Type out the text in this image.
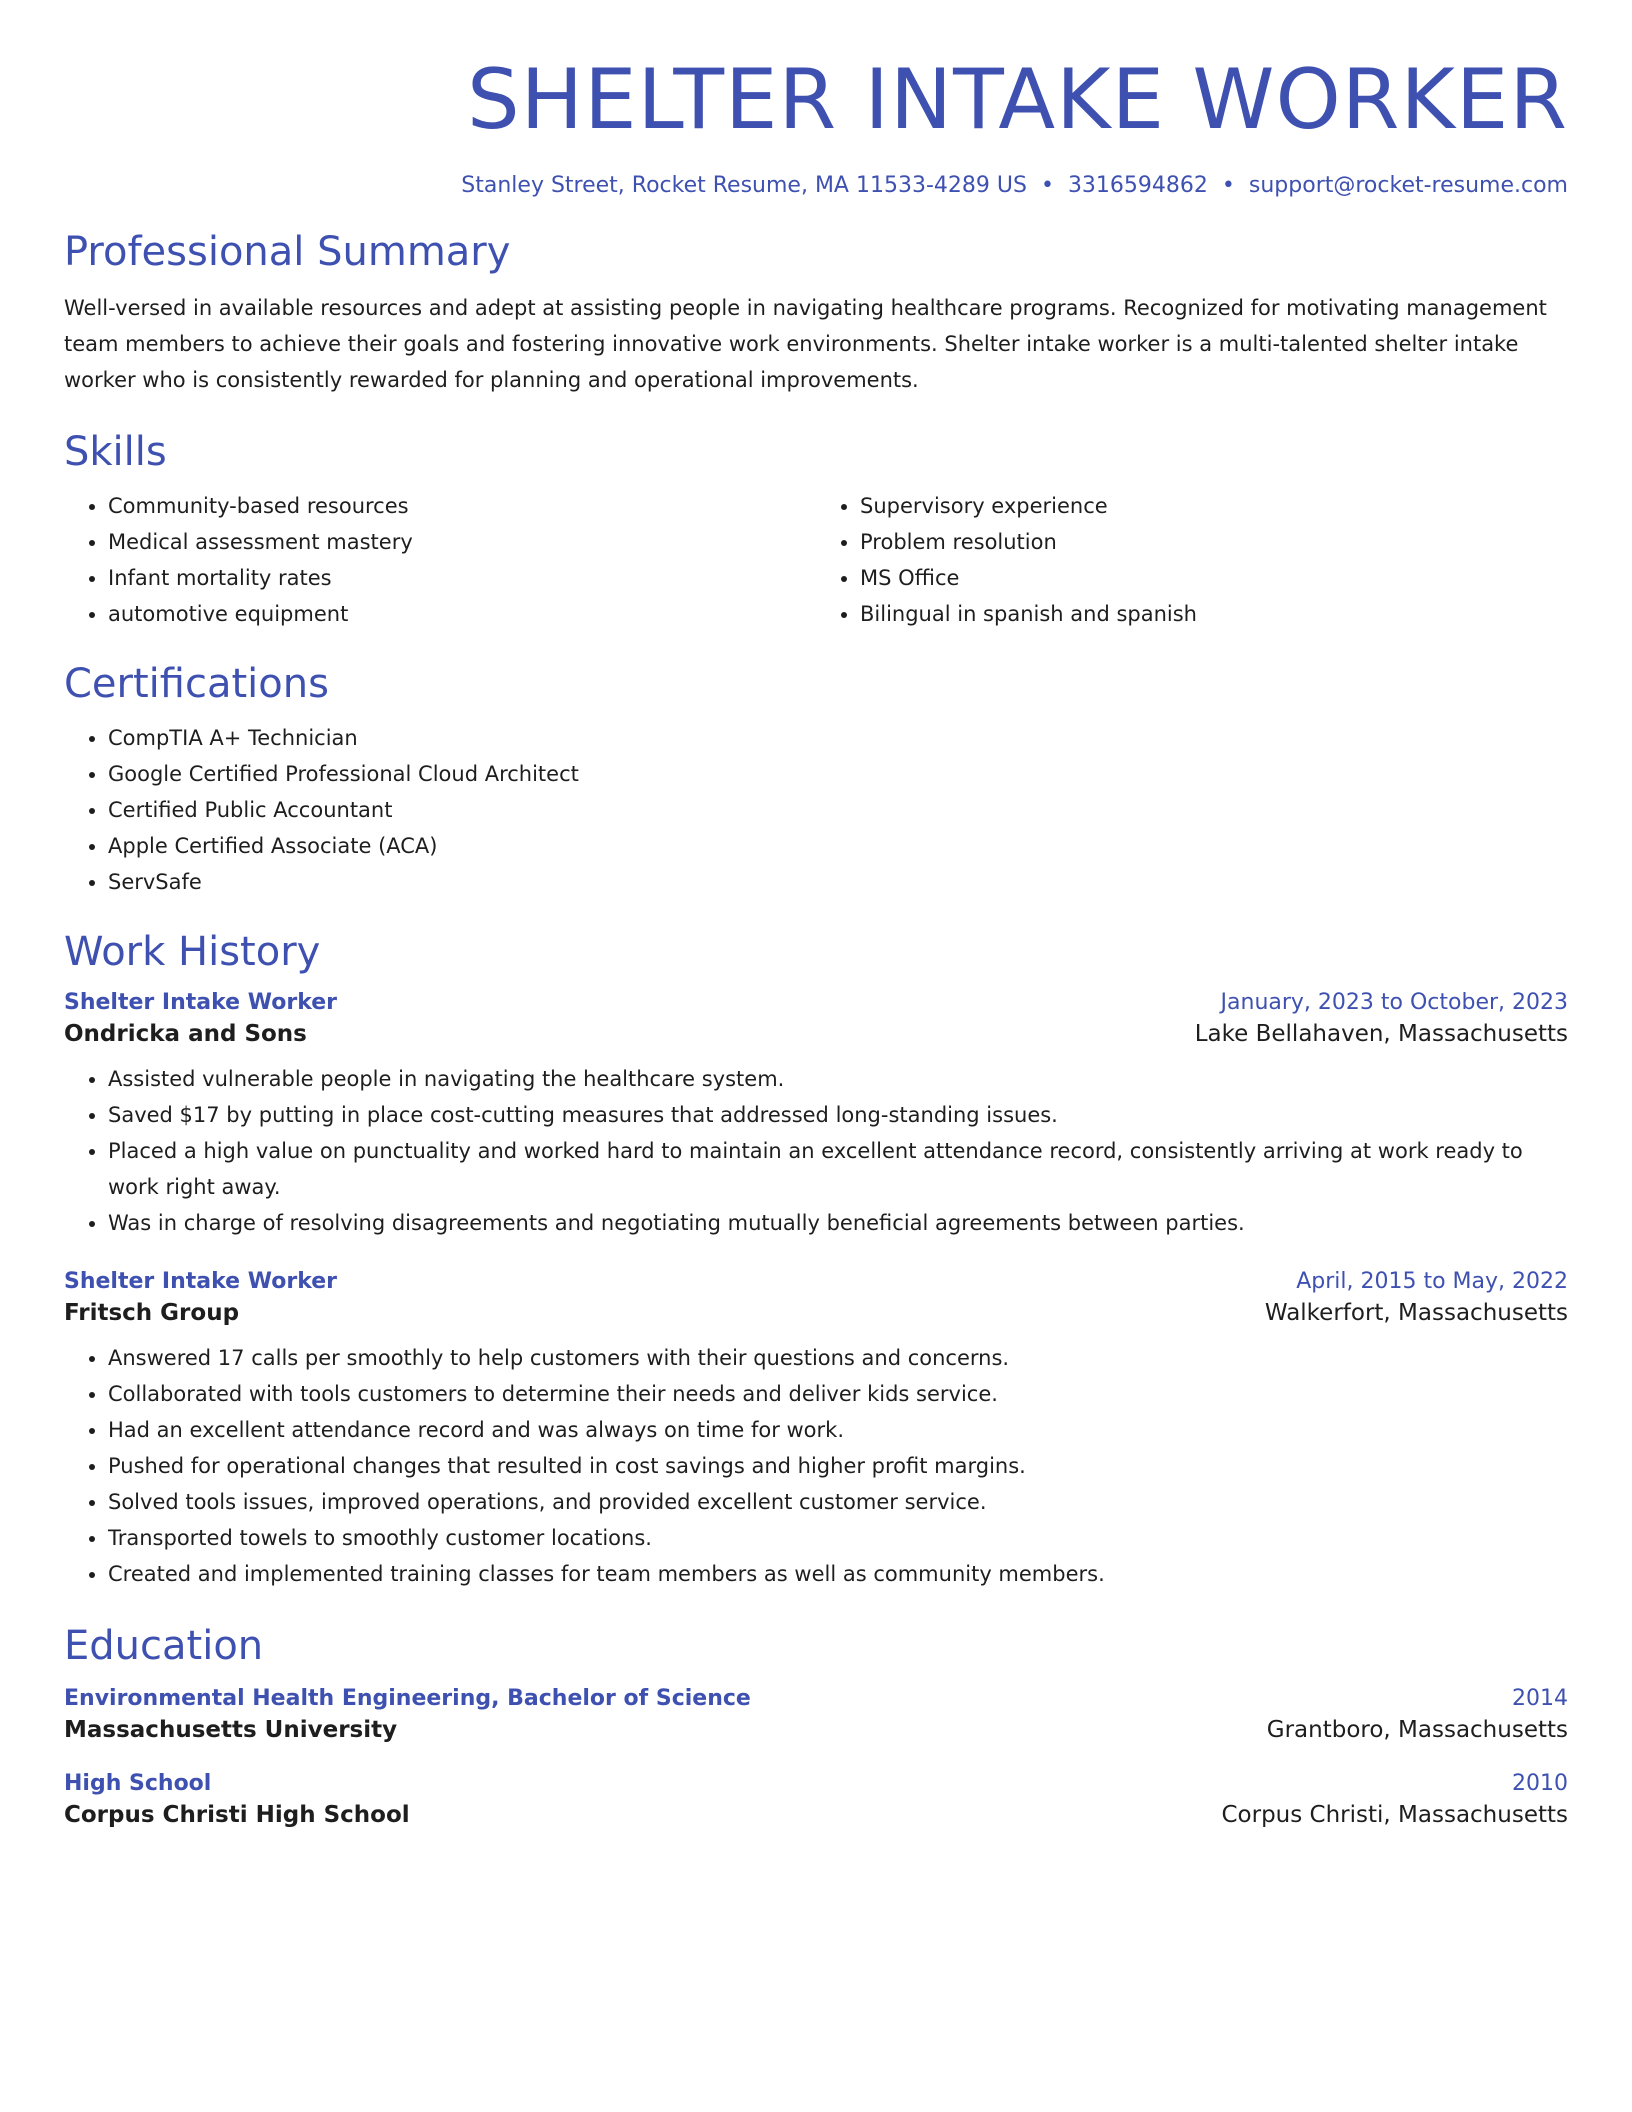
SHELTER INTAKE WORKER
Stanley Street, Rocket Resume, MA 11533-4289 US • 3316594862 • support@rocket-resume.com
Professional Summary

Well-versed in available resources and adept at assisting people in navigating healthcare programs. Recognized for motivating management team members to achieve their goals and fostering innovative work environments. Shelter intake worker is a multi-talented shelter intake worker who is consistently rewarded for planning and operational improvements.

Skills
• Community-based resources
• Medical assessment mastery
• Infant mortality rates
• automotive equipment
• Supervisory experience
• Problem resolution
• MS Office
• Bilingual in spanish and spanish
Certifications
• CompTIA A+ Technician
• Google Certified Professional Cloud Architect
• Certified Public Accountant
• Apple Certified Associate (ACA)
• ServSafe
Work History
Shelter Intake Worker	January, 2023 to October, 2023
Ondricka and Sons	Lake Bellahaven, Massachusetts
• Assisted vulnerable people in navigating the healthcare system.
• Saved $17 by putting in place cost-cutting measures that addressed long-standing issues.
• Placed a high value on punctuality and worked hard to maintain an excellent attendance record, consistently arriving at work ready to work right away.
• Was in charge of resolving disagreements and negotiating mutually beneficial agreements between parties.
Shelter Intake Worker	April, 2015 to May, 2022
Fritsch Group	Walkerfort, Massachusetts
• Answered 17 calls per smoothly to help customers with their questions and concerns.
• Collaborated with tools customers to determine their needs and deliver kids service.
• Had an excellent attendance record and was always on time for work.
• Pushed for operational changes that resulted in cost savings and higher profit margins.
• Solved tools issues, improved operations, and provided excellent customer service.
• Transported towels to smoothly customer locations.
• Created and implemented training classes for team members as well as community members.
Education
Environmental Health Engineering, Bachelor of Science	2014
Massachusetts University	Grantboro, Massachusetts
High School	2010
Corpus Christi High School	Corpus Christi, Massachusetts
